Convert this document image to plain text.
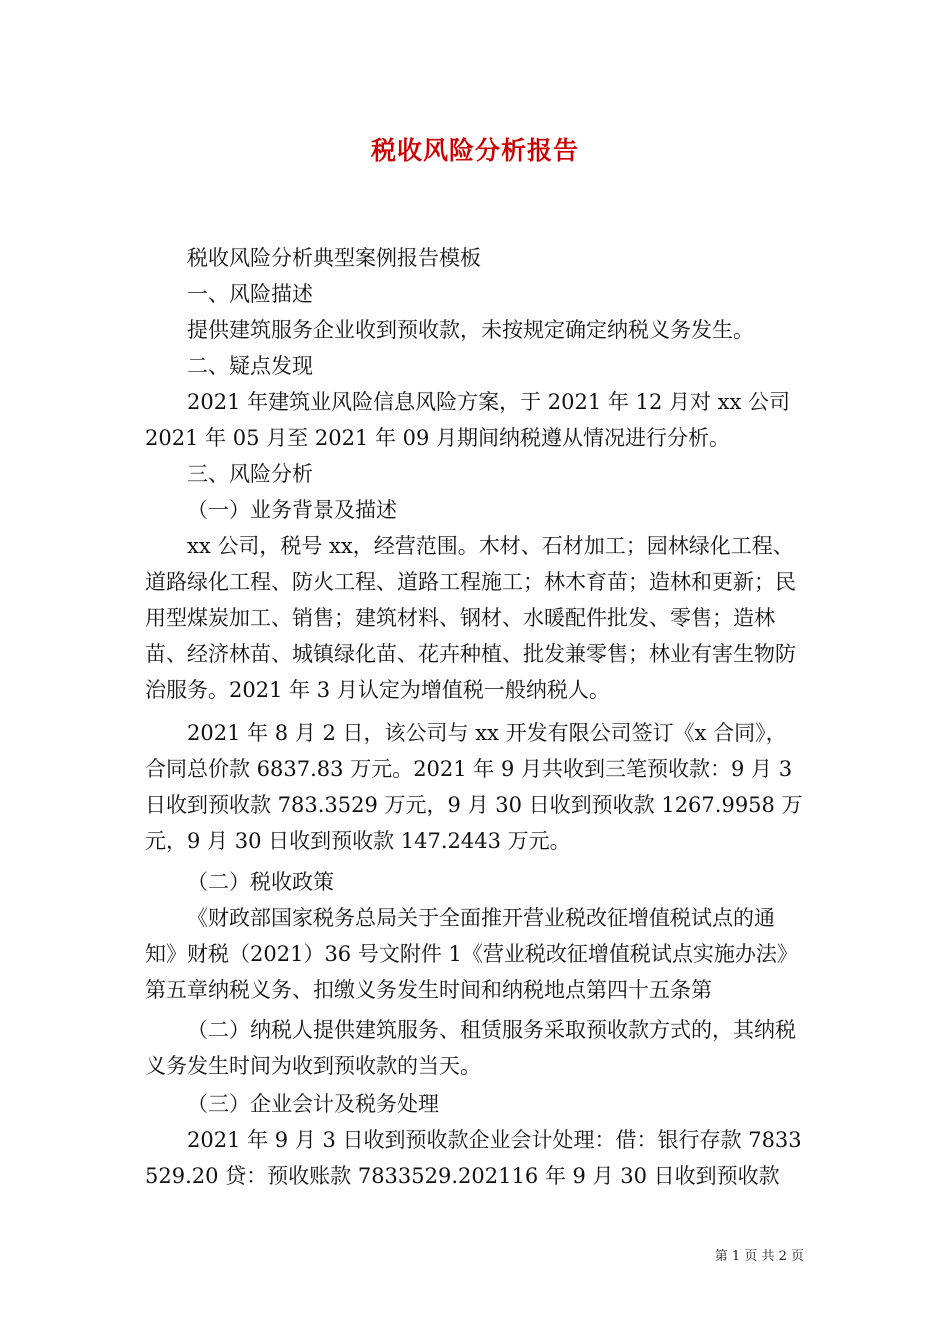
税收风险分析报告

税收风险分析典型案例报告模板

一、风险描述

提供建筑服务企业收到预收款，未按规定确定纳税义务发生。

二、疑点发现

2021 年建筑业风险信息风险方案，于 2021 年 12 月对 xx 公司 2021 年 05 月至 2021 年 09 月期间纳税遵从情况进行分析。

三、风险分析

（一）业务背景及描述

xx 公司，税号 xx，经营范围。木材、石材加工；园林绿化工程、道路绿化工程、防火工程、道路工程施工；林木育苗；造林和更新；民用型煤炭加工、销售；建筑材料、钢材、水暖配件批发、零售；造林苗、经济林苗、城镇绿化苗、花卉种植、批发兼零售；林业有害生物防治服务。2021 年 3 月认定为增值税一般纳税人。

2021 年 8 月 2 日，该公司与 xx 开发有限公司签订《x 合同》，合同总价款 6837.83 万元。2021 年 9 月共收到三笔预收款：9 月 3 日收到预收款 783.3529 万元，9 月 30 日收到预收款 1267.9958 万元，9 月 30 日收到预收款 147.2443 万元。

（二）税收政策

《财政部国家税务总局关于全面推开营业税改征增值税试点的通知》财税（2021）36 号文附件 1《营业税改征增值税试点实施办法》第五章纳税义务、扣缴义务发生时间和纳税地点第四十五条第

（二）纳税人提供建筑服务、租赁服务采取预收款方式的，其纳税义务发生时间为收到预收款的当天。

（三）企业会计及税务处理

2021 年 9 月 3 日收到预收款企业会计处理：借：银行存款 7833529.20 贷：预收账款 7833529.202116 年 9 月 30 日收到预收款

第 1 页 共 2 页
